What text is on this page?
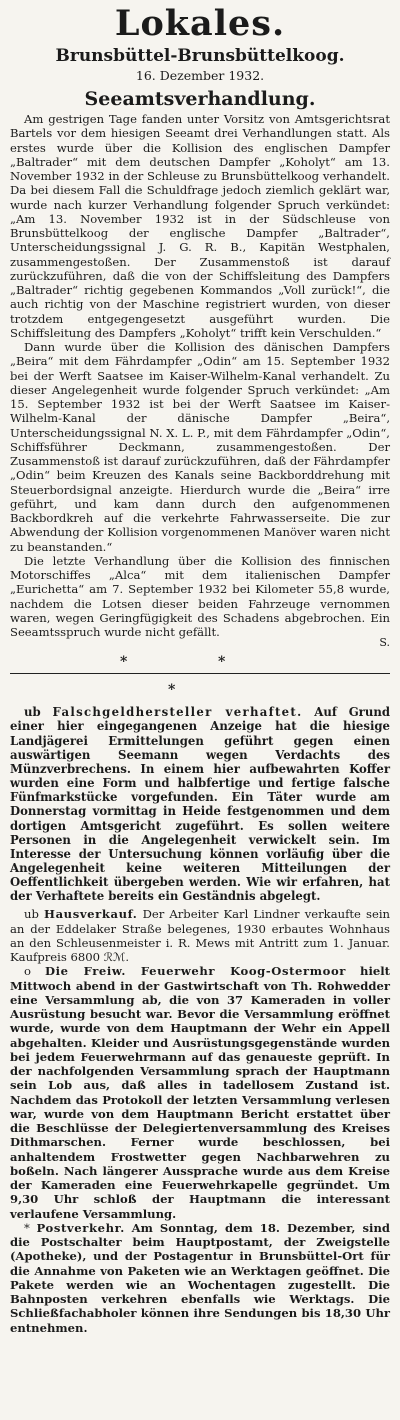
Lokales.
Brunsbüttel-Brunsbüttelkoog.
16. Dezember 1932.
Seeamtsverhandlung.

Am gestrigen Tage fanden unter Vorsitz von Amtsgerichtsrat Bartels vor dem hiesigen Seeamt drei Verhandlungen statt. Als erstes wurde über die Kollision des englischen Dampfer „Baltrader“ mit dem deutschen Dampfer „Koholyt“ am 13. November 1932 in der Schleuse zu Brunsbüttelkoog verhandelt. Da bei diesem Fall die Schuldfrage jedoch ziemlich geklärt war, wurde nach kurzer Verhandlung folgender Spruch verkündet: „Am 13. November 1932 ist in der Südschleuse von Brunsbüttelkoog der englische Dampfer „Baltrader“, Unterscheidungssignal J. G. R. B., Kapitän Westphalen, zusammengestoßen. Der Zusammenstoß ist darauf zurückzuführen, daß die von der Schiffsleitung des Dampfers „Baltrader“ richtig gegebenen Kommandos „Voll zurück!“, die auch richtig von der Maschine registriert wurden, von dieser trotzdem entgegengesetzt ausgeführt wurden. Die Schiffsleitung des Dampfers „Koholyt“ trifft kein Verschulden.“

Dann wurde über die Kollision des dänischen Dampfers „Beira“ mit dem Fährdampfer „Odin“ am 15. September 1932 bei der Werft Saatsee im Kaiser-Wilhelm-Kanal verhandelt. Zu dieser Angelegenheit wurde folgender Spruch verkündet: „Am 15. September 1932 ist bei der Werft Saatsee im Kaiser-Wilhelm-Kanal der dänische Dampfer „Beira“, Unterscheidungssignal N. X. L. P., mit dem Fährdampfer „Odin“, Schiffsführer Deckmann, zusammengestoßen. Der Zusammenstoß ist darauf zurückzuführen, daß der Fährdampfer „Odin“ beim Kreuzen des Kanals seine Backborddrehung mit Steuerbordsignal anzeigte. Hierdurch wurde die „Beira“ irre geführt, und kam dann durch den aufgenommenen Backbordkreh auf die verkehrte Fahrwasserseite. Die zur Abwendung der Kollision vorgenommenen Manöver waren nicht zu beanstanden.“

Die letzte Verhandlung über die Kollision des finnischen Motorschiffes „Alca“ mit dem italienischen Dampfer „Eurichetta“ am 7. September 1932 bei Kilometer 55,8 wurde, nachdem die Lotsen dieser beiden Fahrzeuge vernommen waren, wegen Geringfügigkeit des Schadens abgebrochen. Ein Seeamtsspruch wurde nicht gefällt.

S.
*	*
*

ub Falschgeldhersteller verhaftet. Auf Grund einer hier eingegangenen Anzeige hat die hiesige Landjägerei Ermittelungen geführt gegen einen auswärtigen Seemann wegen Verdachts des Münzverbrechens. In einem hier aufbewahrten Koffer wurden eine Form und halbfertige und fertige falsche Fünfmarkstücke vorgefunden. Ein Täter wurde am Donnerstag vormittag in Heide festgenommen und dem dortigen Amtsgericht zugeführt. Es sollen weitere Personen in die Angelegenheit verwickelt sein. Im Interesse der Untersuchung können vorläufig über die Angelegenheit keine weiteren Mitteilungen der Oeffentlichkeit übergeben werden. Wie wir erfahren, hat der Verhaftete bereits ein Geständnis abgelegt.

ub Hausverkauf. Der Arbeiter Karl Lindner verkaufte sein an der Eddelaker Straße belegenes, 1930 erbautes Wohnhaus an den Schleusenmeister i. R. Mews mit Antritt zum 1. Januar. Kaufpreis 6800 ℛℳ.

o Die Freiw. Feuerwehr Koog-Ostermoor hielt Mittwoch abend in der Gastwirtschaft von Th. Rohwedder eine Versammlung ab, die von 37 Kameraden in voller Ausrüstung besucht war. Bevor die Versammlung eröffnet wurde, wurde von dem Hauptmann der Wehr ein Appell abgehalten. Kleider und Ausrüstungsgegenstände wurden bei jedem Feuerwehrmann auf das genaueste geprüft. In der nachfolgenden Versammlung sprach der Hauptmann sein Lob aus, daß alles in tadellosem Zustand ist. Nachdem das Protokoll der letzten Versammlung verlesen war, wurde von dem Hauptmann Bericht erstattet über die Beschlüsse der Delegiertenversammlung des Kreises Dithmarschen. Ferner wurde beschlossen, bei anhaltendem Frostwetter gegen Nachbarwehren zu boßeln. Nach längerer Aussprache wurde aus dem Kreise der Kameraden eine Feuerwehrkapelle gegründet. Um 9,30 Uhr schloß der Hauptmann die interessant verlaufene Versammlung.

* Postverkehr. Am Sonntag, dem 18. Dezember, sind die Postschalter beim Hauptpostamt, der Zweigstelle (Apotheke), und der Postagentur in Brunsbüttel-Ort für die Annahme von Paketen wie an Werktagen geöffnet. Die Pakete werden wie an Wochentagen zugestellt. Die Bahnposten verkehren ebenfalls wie Werktags. Die Schließfachabholer können ihre Sendungen bis 18,30 Uhr entnehmen.
